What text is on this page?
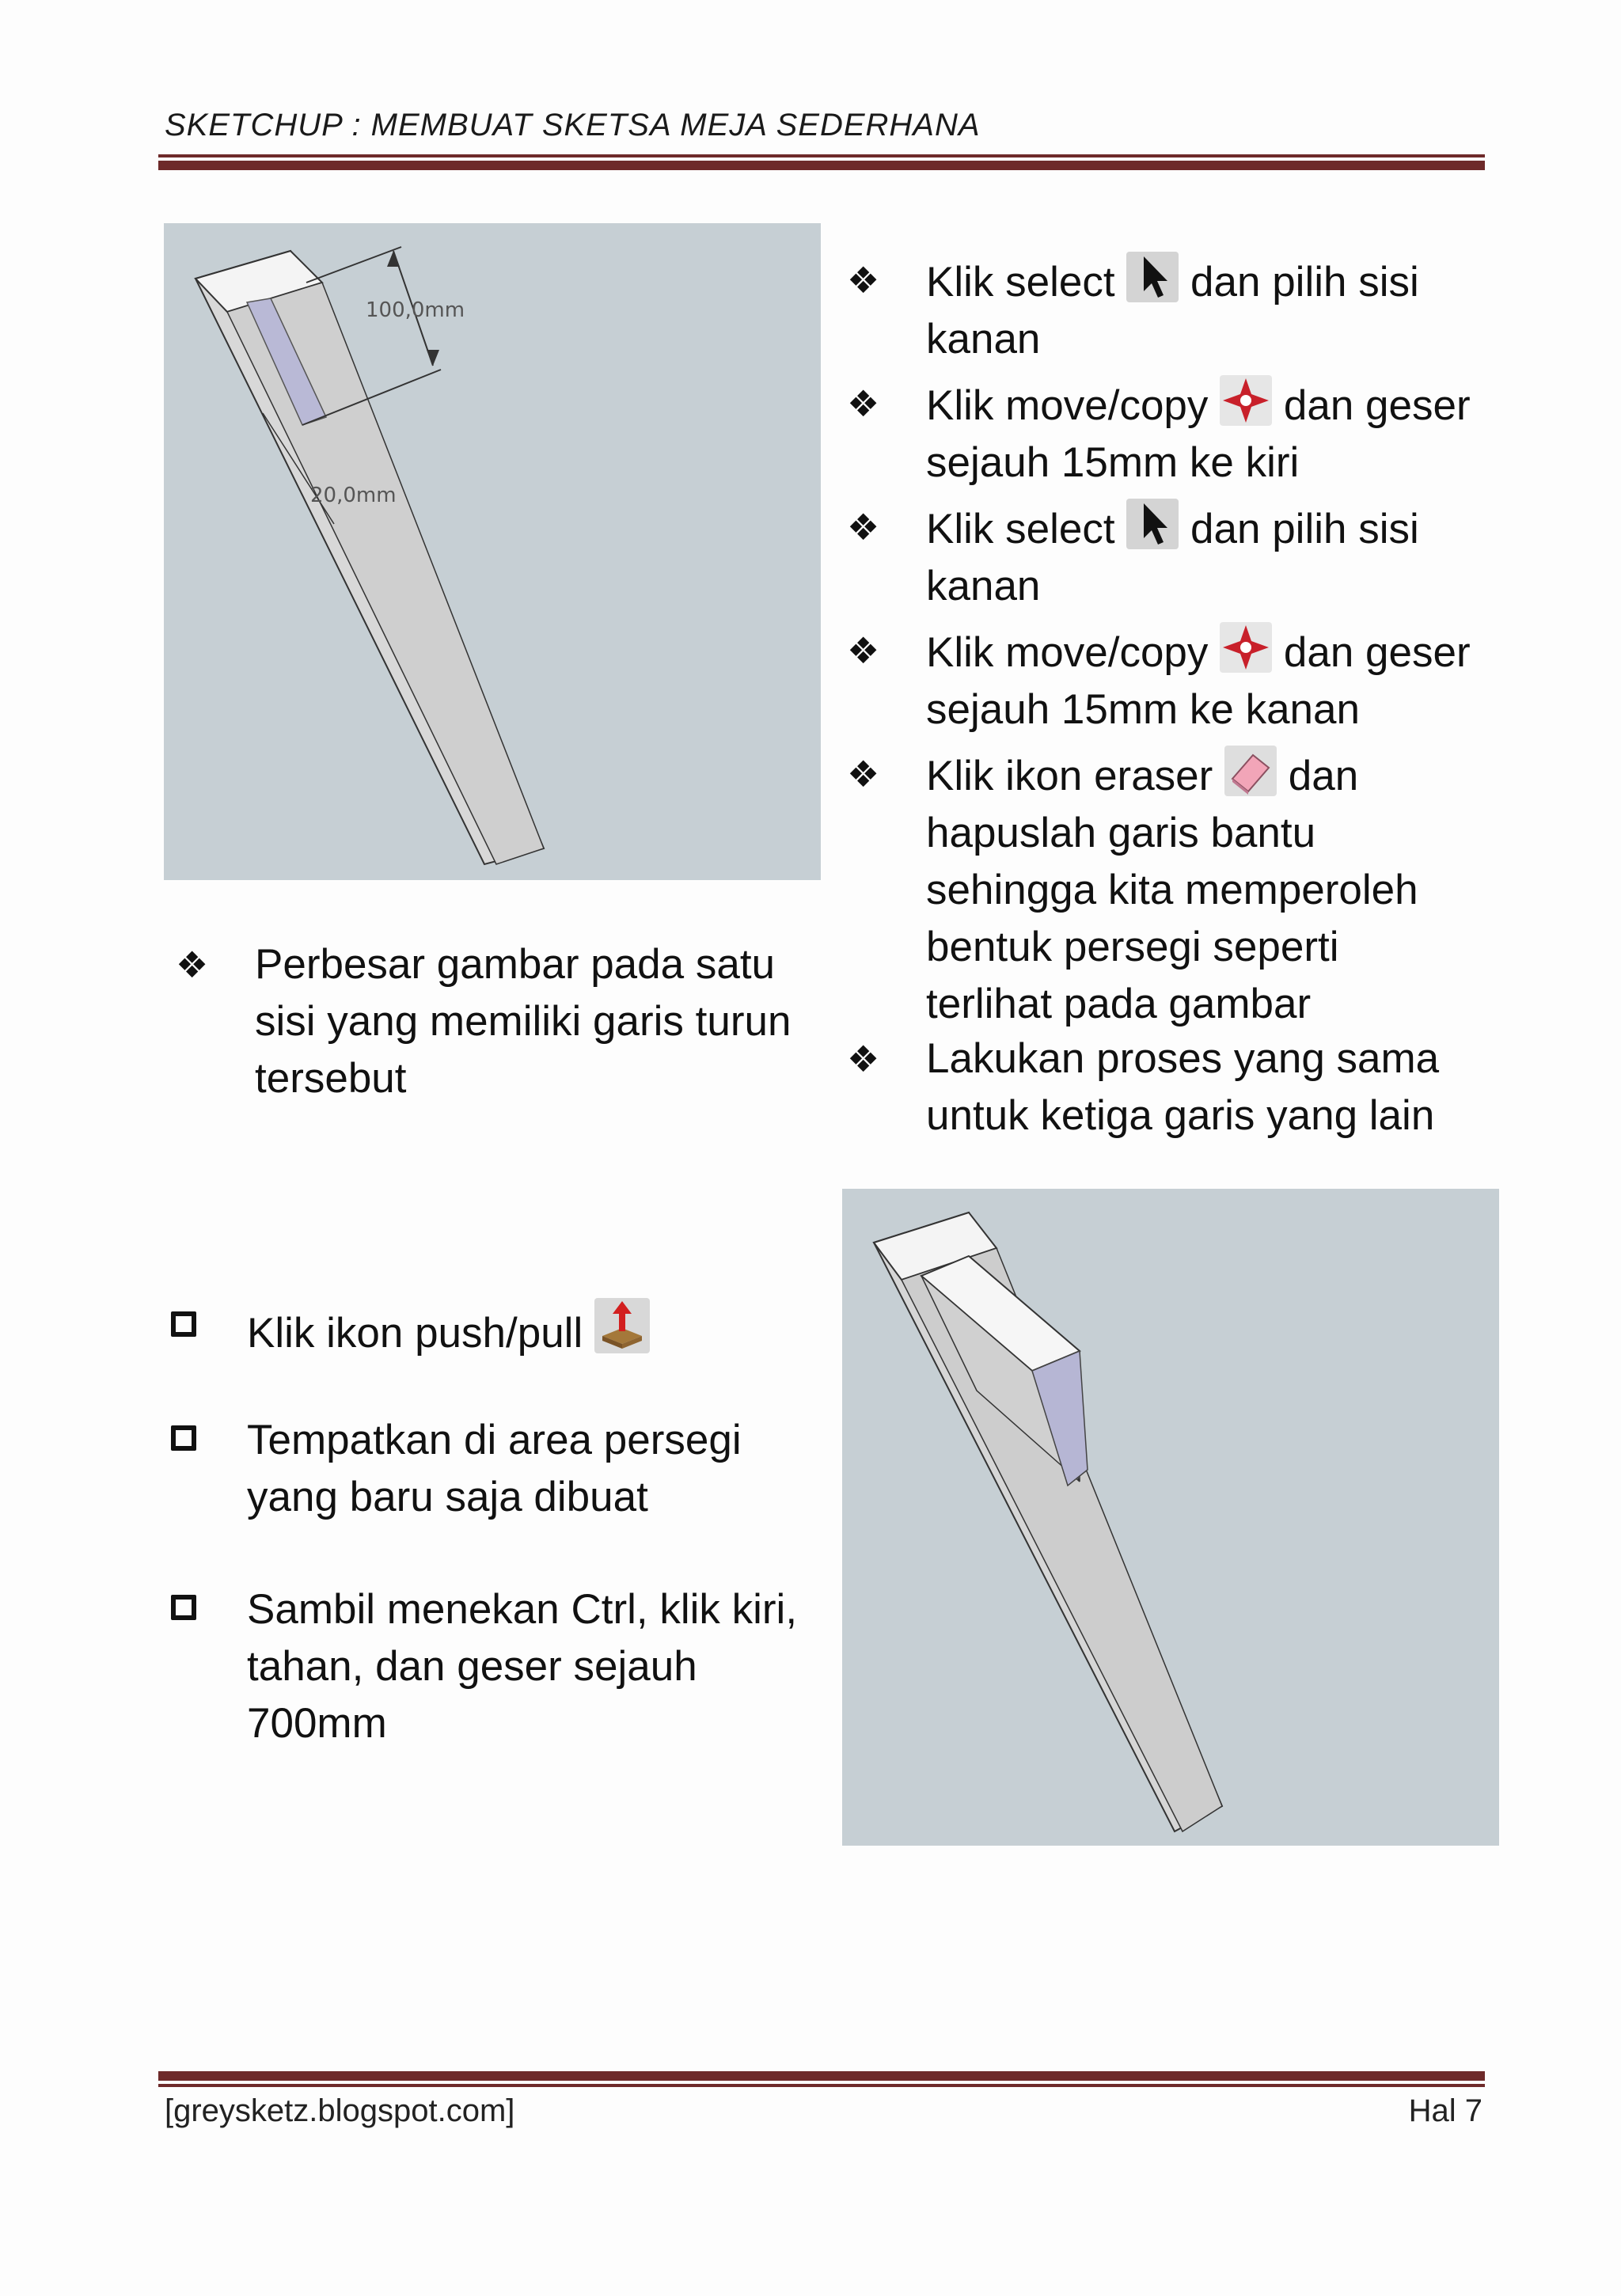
SKETCHUP : MEMBUAT SKETSA MEJA SEDERHANA
100,0mm
20,0mm
❖ Perbesar gambar pada satu
sisi yang memiliki garis turun
tersebut
❖ Klik select dan pilih sisi
kanan
❖ Klik move/copy dan geser
sejauh 15mm ke kiri
❖ Klik select dan pilih sisi
kanan
❖ Klik move/copy dan geser
sejauh 15mm ke kanan
❖ Klik ikon eraser dan
hapuslah garis bantu
sehingga kita memperoleh
bentuk persegi seperti
terlihat pada gambar
❖ Lakukan proses yang sama
untuk ketiga garis yang lain
Klik ikon push/pull
Tempatkan di area persegi
yang baru saja dibuat
Sambil menekan Ctrl, klik kiri,
tahan, dan geser sejauh
700mm
[greysketz.blogspot.com]	Hal 7
